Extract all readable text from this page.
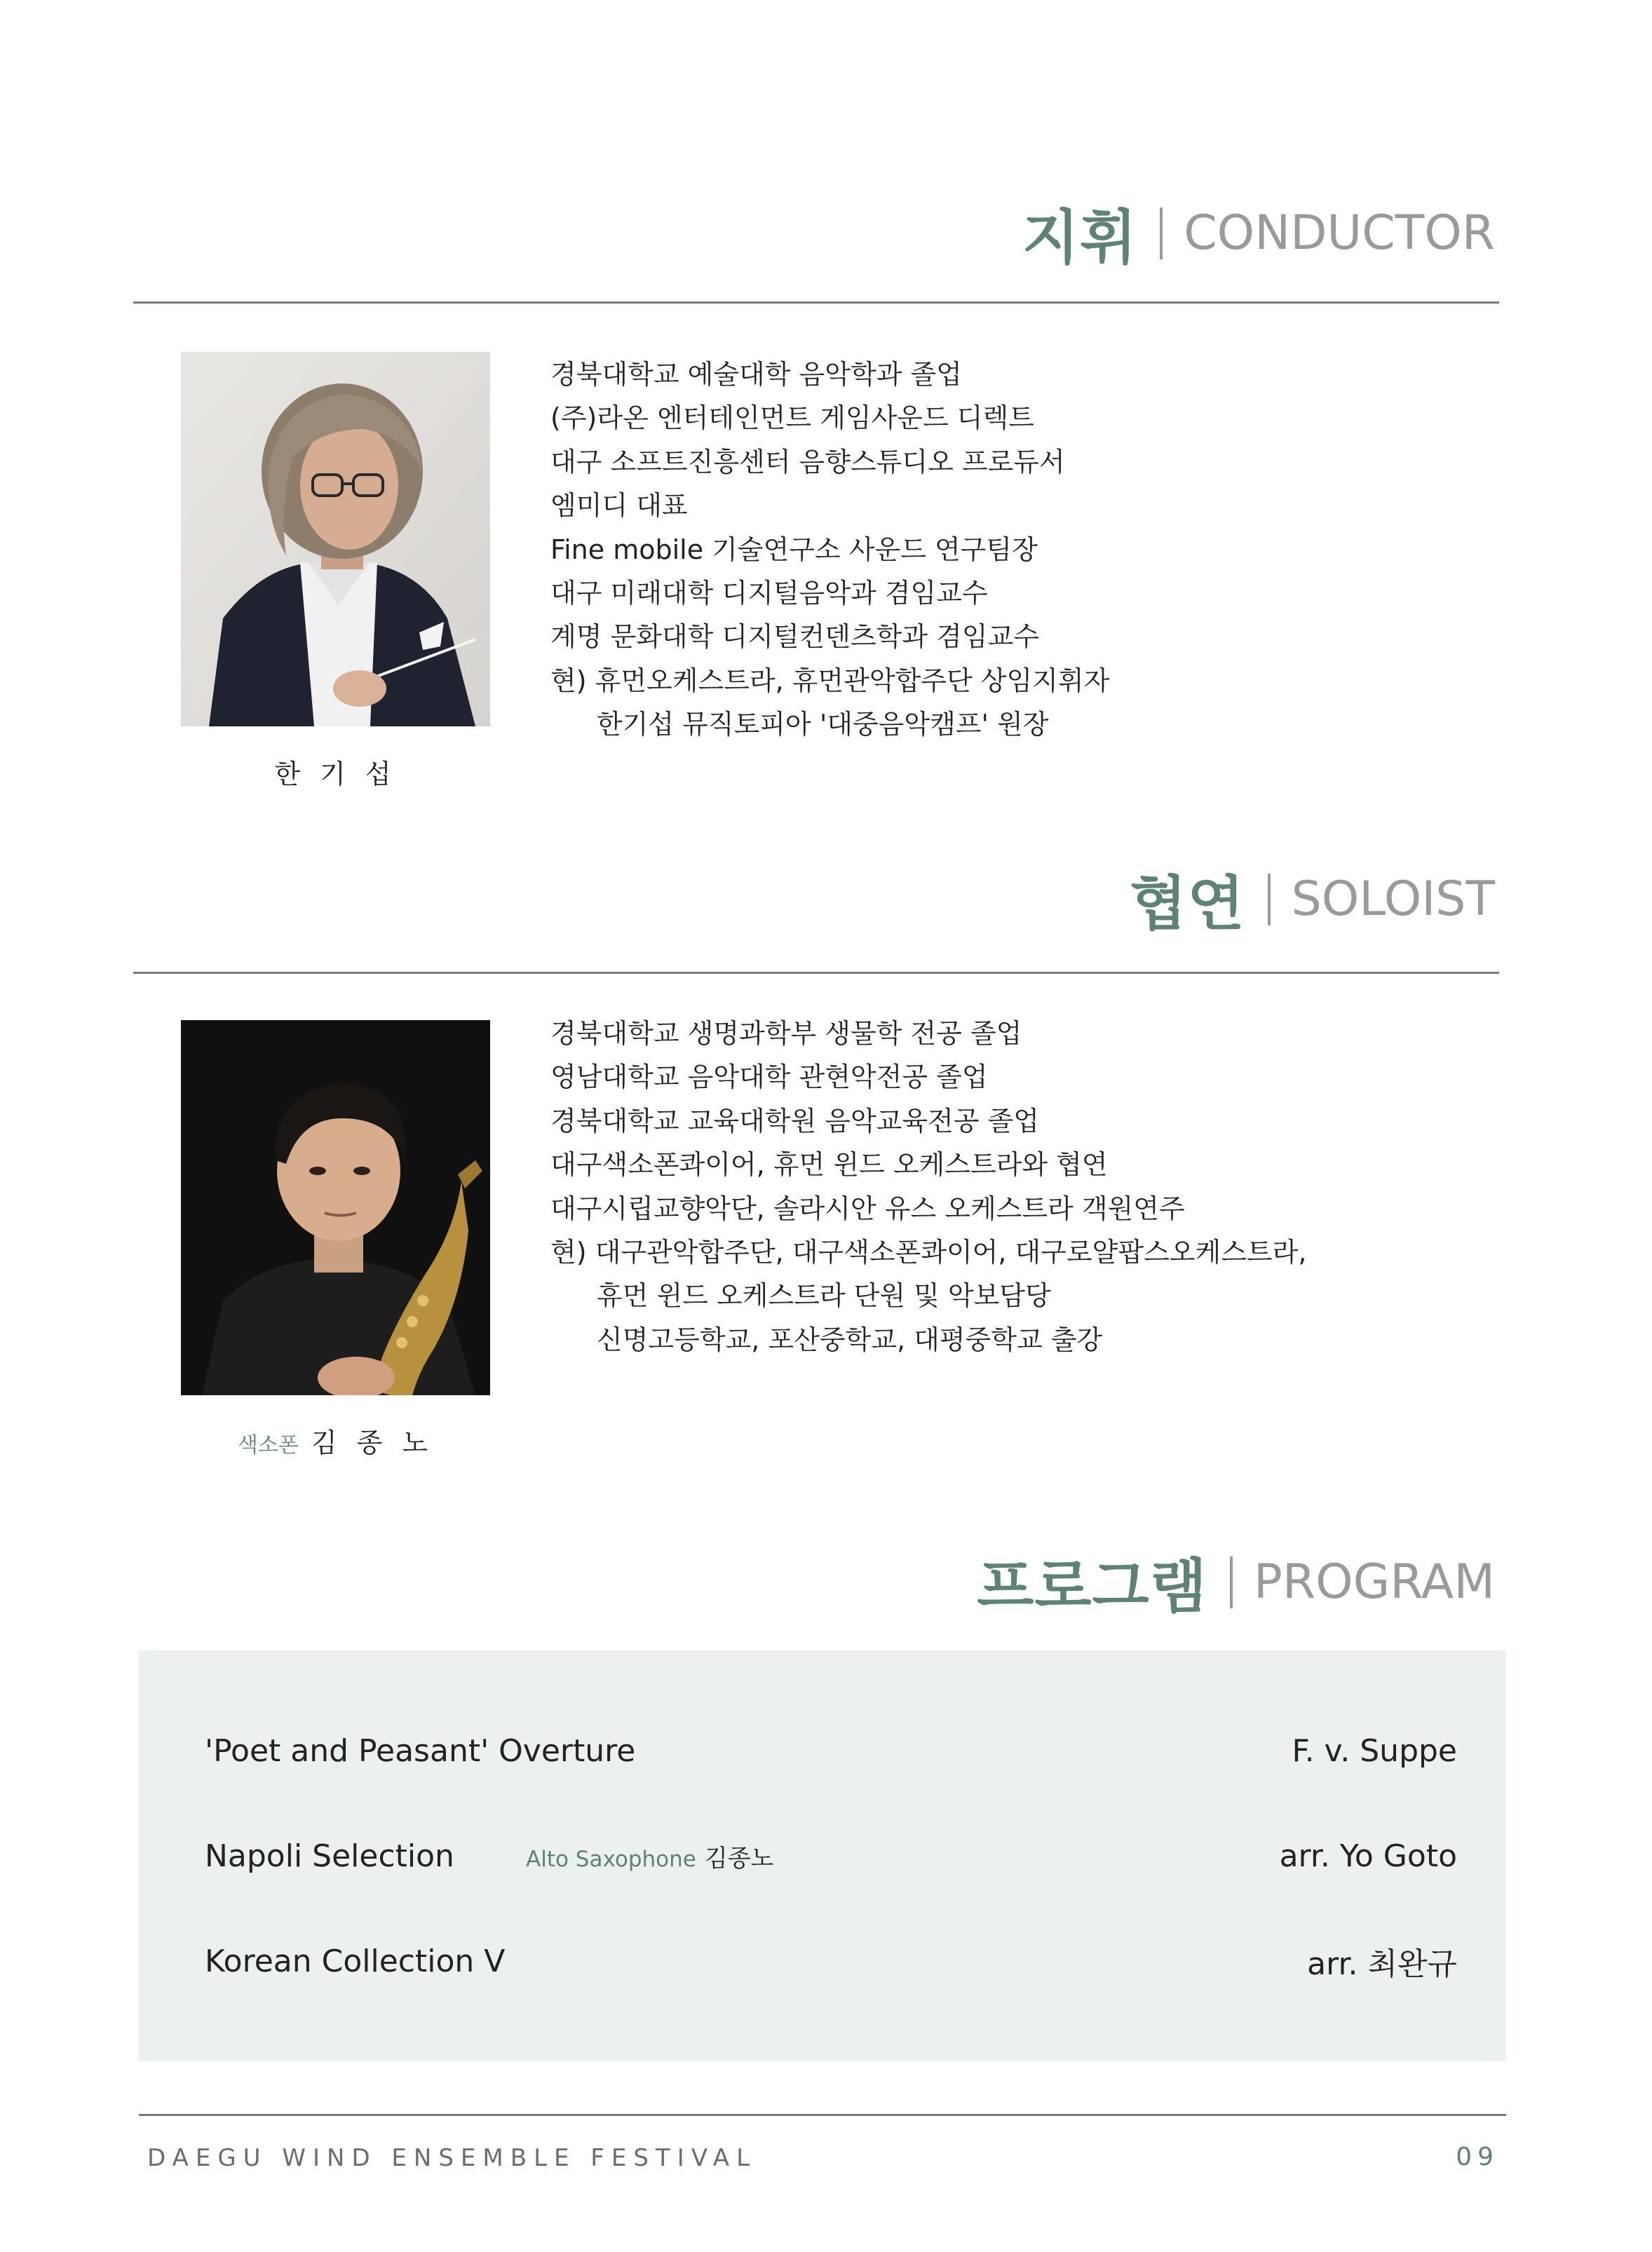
지휘 CONDUCTOR
한 기 섭
경북대학교 예술대학 음악학과 졸업
(주)라온 엔터테인먼트 게임사운드 디렉트
대구 소프트진흥센터 음향스튜디오 프로듀서
엠미디 대표
Fine mobile 기술연구소 사운드 연구팀장
대구 미래대학 디지털음악과 겸임교수
계명 문화대학 디지털컨덴츠학과 겸임교수
현) 휴먼오케스트라, 휴먼관악합주단 상임지휘자
한기섭 뮤직토피아 '대중음악캠프' 원장
협연 SOLOIST
색소폰 김 종 노
경북대학교 생명과학부 생물학 전공 졸업
영남대학교 음악대학 관현악전공 졸업
경북대학교 교육대학원 음악교육전공 졸업
대구색소폰콰이어, 휴먼 윈드 오케스트라와 협연
대구시립교향악단, 솔라시안 유스 오케스트라 객원연주
현) 대구관악합주단, 대구색소폰콰이어, 대구로얄팝스오케스트라,
휴먼 윈드 오케스트라 단원 및 악보담당
신명고등학교, 포산중학교, 대평중학교 출강
프로그램 PROGRAM
'Poet and Peasant' Overture	F. v. Suppe
Napoli Selection	Alto Saxophone 김종노	arr. Yo Goto
Korean Collection V	arr. 최완규
DAEGU WIND ENSEMBLE FESTIVAL	09
